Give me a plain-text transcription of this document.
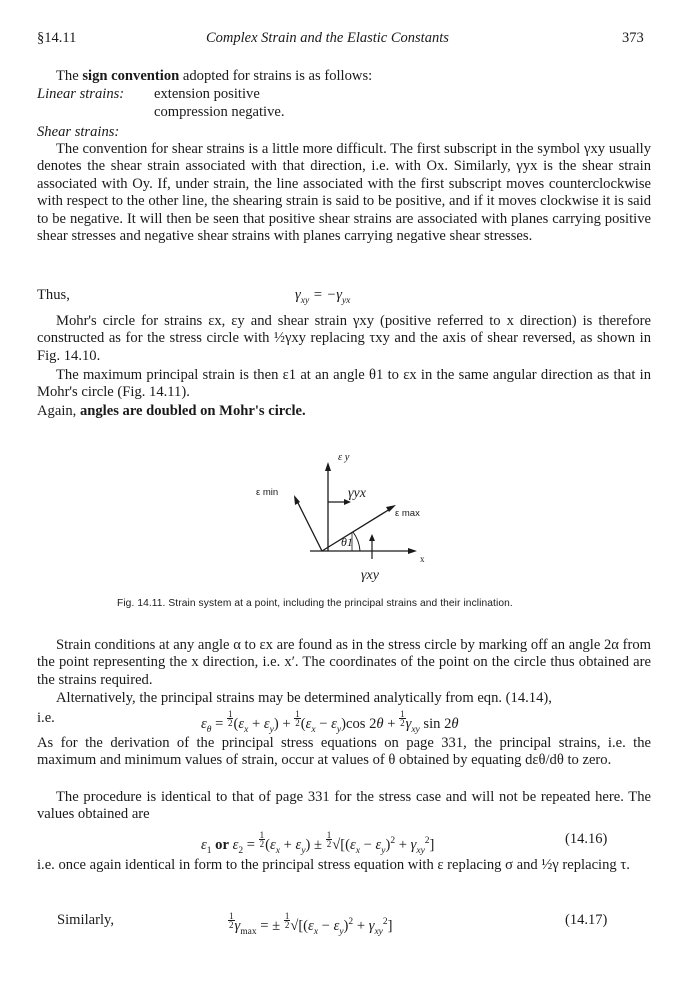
§14.11	Complex Strain and the Elastic Constants	373
The sign convention adopted for strains is as follows:
Linear strains: extension positive
compression negative.
Shear strains:
The convention for shear strains is a little more difficult. The first subscript in the symbol γxy usually denotes the shear strain associated with that direction, i.e. with Ox. Similarly, γyx is the shear strain associated with Oy. If, under strain, the line associated with the first subscript moves counterclockwise with respect to the other line, the shearing strain is said to be positive, and if it moves clockwise it is said to be negative. It will then be seen that positive shear strains are associated with planes carrying positive shear stresses and negative shear strains with planes carrying negative shear stresses.
Thus,	$\gamma_{xy} = -\gamma_{yx}$
Mohr's circle for strains εx, εy and shear strain γxy (positive referred to x direction) is therefore constructed as for the stress circle with ½γxy replacing τxy and the axis of shear reversed, as shown in Fig. 14.10.
The maximum principal strain is then ε1 at an angle θ1 to εx in the same angular direction as that in Mohr's circle (Fig. 14.11).
Again, angles are doubled on Mohr's circle.
ε y
ε min
ε max
γyx
γxy
θ1
x
Fig. 14.11. Strain system at a point, including the principal strains and their inclination.
Strain conditions at any angle α to εx are found as in the stress circle by marking off an angle 2α from the point representing the x direction, i.e. x′. The coordinates of the point on the circle thus obtained are the strains required.
Alternatively, the principal strains may be determined analytically from eqn. (14.14),
i.e.	$\varepsilon_\theta = \frac{1}{2} (\varepsilon_x + \varepsilon_y) + \frac{1}{2} (\varepsilon_x - \varepsilon_y)\cos$ $2\theta + \frac{1}{2} \gamma_{xy}$ sin 2θ
As for the derivation of the principal stress equations on page 331, the principal strains, i.e. the maximum and minimum values of strain, occur at values of θ obtained by equating dεθ/dθ to zero.
The procedure is identical to that of page 331 for the stress case and will not be repeated here. The values obtained are
$\varepsilon_1$ or $\varepsilon_2 = \frac{1}{2} (\varepsilon_x + \varepsilon_y) \pm \frac{1}{2} √[(\varepsilon_x - \varepsilon_y)^2 + \gamma_{xy}^2]$	(14.16)
i.e. once again identical in form to the principal stress equation with ε replacing σ and ½γ replacing τ.
Similarly,	$\frac{1}{2} \gamma_{max}$ = ± $\frac{1}{2} √[(\varepsilon_x - \varepsilon_y)^2 + \gamma_{xy}^2]$	(14.17)
